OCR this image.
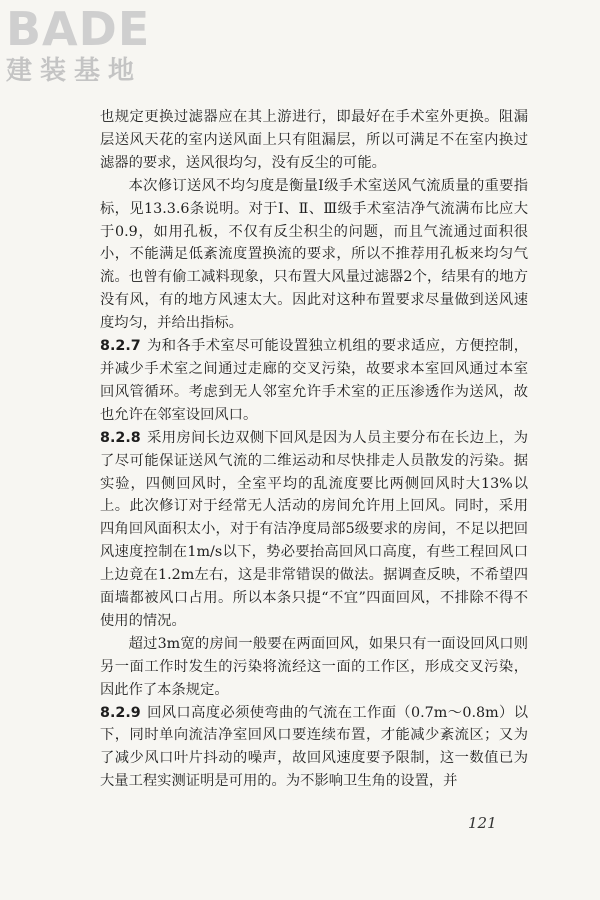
BADE
建装基地

也规定更换过滤器应在其上游进行，即最好在手术室外更换。阻漏层送风天花的室内送风面上只有阻漏层，所以可满足不在室内换过滤器的要求，送风很均匀，没有反尘的可能。

本次修订送风不均匀度是衡量Ⅰ级手术室送风气流质量的重要指标，见13.3.6条说明。对于Ⅰ、Ⅱ、Ⅲ级手术室洁净气流满布比应大于0.9，如用孔板，不仅有反尘积尘的问题，而且气流通过面积很小，不能满足低紊流度置换流的要求，所以不推荐用孔板来均匀气流。也曾有偷工减料现象，只布置大风量过滤器2个，结果有的地方没有风，有的地方风速太大。因此对这种布置要求尽量做到送风速度均匀，并给出指标。

8.2.7 为和各手术室尽可能设置独立机组的要求适应，方便控制，并减少手术室之间通过走廊的交叉污染，故要求本室回风通过本室回风管循环。考虑到无人邻室允许手术室的正压渗透作为送风，故也允许在邻室设回风口。

8.2.8 采用房间长边双侧下回风是因为人员主要分布在长边上，为了尽可能保证送风气流的二维运动和尽快排走人员散发的污染。据实验，四侧回风时，全室平均的乱流度要比两侧回风时大13%以上。此次修订对于经常无人活动的房间允许用上回风。同时，采用四角回风面积太小，对于有洁净度局部5级要求的房间，不足以把回风速度控制在1m/s以下，势必要抬高回风口高度，有些工程回风口上边竟在1.2m左右，这是非常错误的做法。据调查反映，不希望四面墙都被风口占用。所以本条只提“不宜”四面回风，不排除不得不使用的情况。

超过3m宽的房间一般要在两面回风，如果只有一面设回风口则另一面工作时发生的污染将流经这一面的工作区，形成交叉污染，因此作了本条规定。

8.2.9 回风口高度必须使弯曲的气流在工作面（0.7m～0.8m）以下，同时单向流洁净室回风口要连续布置，才能减少紊流区；又为了减少风口叶片抖动的噪声，故回风速度要予限制，这一数值已为大量工程实测证明是可用的。为不影响卫生角的设置，并

121
